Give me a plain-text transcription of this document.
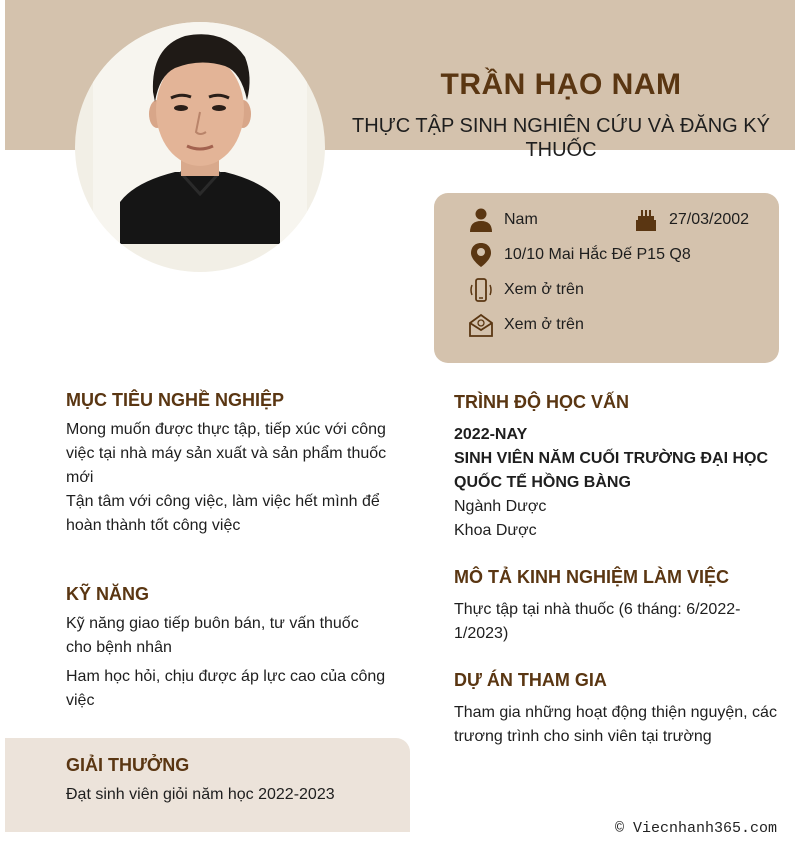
TRẦN HẠO NAM
THỰC TẬP SINH NGHIÊN CỨU VÀ ĐĂNG KÝ THUỐC
Nam	27/03/2002
10/10 Mai Hắc Đế P15 Q8
Xem ở trên
Xem ở trên
MỤC TIÊU NGHỀ NGHIỆP
Mong muốn được thực tập, tiếp xúc với công việc tại nhà máy sản xuất và sản phẩm thuốc mới
Tận tâm với công việc, làm việc hết mình để hoàn thành tốt công việc
KỸ NĂNG
Kỹ năng giao tiếp buôn bán, tư vấn thuốc cho bệnh nhân
Ham học hỏi, chịu được áp lực cao của công việc
GIẢI THƯỞNG
Đạt sinh viên giỏi năm học 2022-2023
TRÌNH ĐỘ HỌC VẤN
2022-NAY
SINH VIÊN NĂM CUỐI TRƯỜNG ĐẠI HỌC QUỐC TẾ HỒNG BÀNG
Ngành Dược
Khoa Dược
MÔ TẢ KINH NGHIỆM LÀM VIỆC
Thực tập tại nhà thuốc (6 tháng: 6/2022-1/2023)
DỰ ÁN THAM GIA
Tham gia những hoạt động thiện nguyện, các trương trình cho sinh viên tại trường
© Viecnhanh365.com
